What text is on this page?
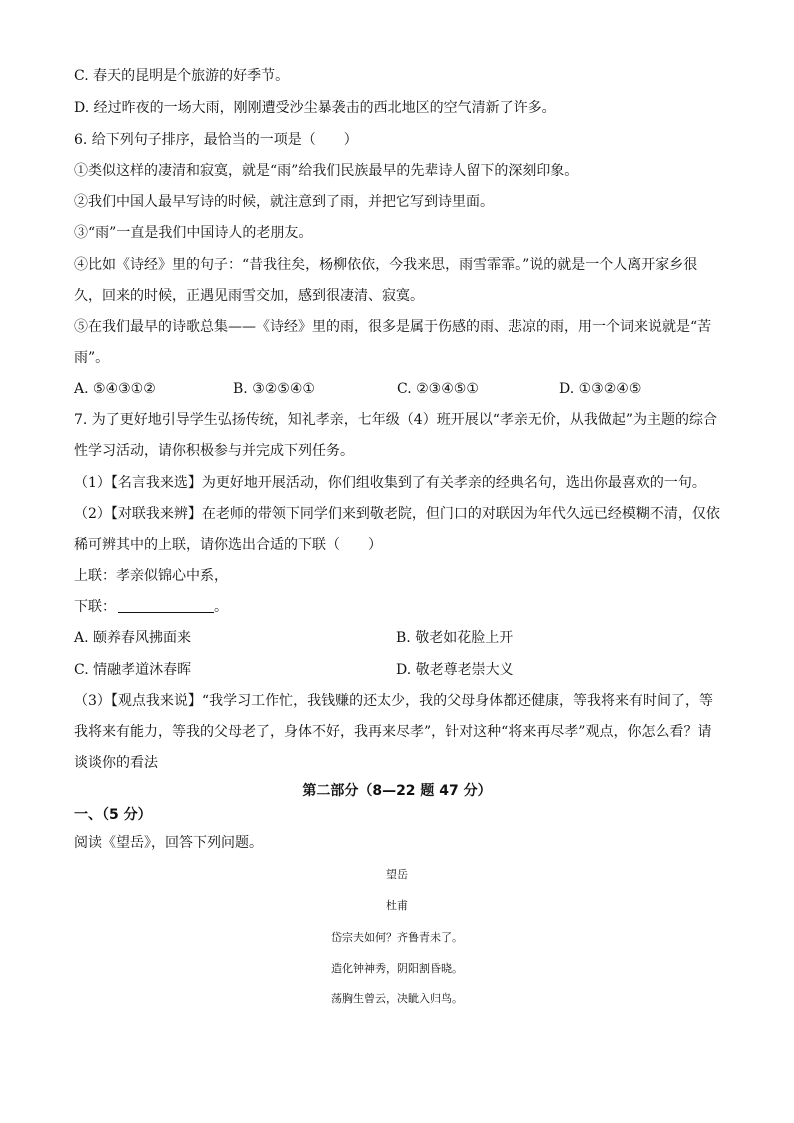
C. 春天的昆明是个旅游的好季节。
D. 经过昨夜的一场大雨，刚刚遭受沙尘暴袭击的西北地区的空气清新了许多。
6. 给下列句子排序，最恰当的一项是（　　）
①类似这样的凄清和寂寞，就是“雨”给我们民族最早的先辈诗人留下的深刻印象。
②我们中国人最早写诗的时候，就注意到了雨，并把它写到诗里面。
③“雨”一直是我们中国诗人的老朋友。
④比如《诗经》里的句子：“昔我往矣，杨柳依依，今我来思，雨雪霏霏。”说的就是一个人离开家乡很
久，回来的时候，正遇见雨雪交加，感到很凄清、寂寞。
⑤在我们最早的诗歌总集——《诗经》里的雨，很多是属于伤感的雨、悲凉的雨，用一个词来说就是“苦
雨”。
A. ⑤④③①②	B. ③②⑤④①	C. ②③④⑤①	D. ①③②④⑤
7. 为了更好地引导学生弘扬传统，知礼孝亲，七年级（4）班开展以“孝亲无价，从我做起”为主题的综合
性学习活动，请你积极参与并完成下列任务。
（1）【名言我来选】为更好地开展活动，你们组收集到了有关孝亲的经典名句，选出你最喜欢的一句。
（2）【对联我来辨】在老师的带领下同学们来到敬老院，但门口的对联因为年代久远已经模糊不清，仅依
稀可辨其中的上联，请你选出合适的下联（　　）
上联：孝亲似锦心中系，
下联：	。
A. 颐养春风拂面来	B. 敬老如花脸上开
C. 情融孝道沐春晖	D. 敬老尊老崇大义
（3）【观点我来说】“我学习工作忙，我钱赚的还太少，我的父母身体都还健康，等我将来有时间了，等
我将来有能力，等我的父母老了，身体不好，我再来尽孝”，针对这种“将来再尽孝”观点，你怎么看？请
谈谈你的看法
第二部分（8—22 题 47 分）
一、（5 分）
阅读《望岳》，回答下列问题。
望岳
杜甫
岱宗夫如何？齐鲁青未了。
造化钟神秀，阴阳割昏晓。
荡胸生曾云，决眦入归鸟。
